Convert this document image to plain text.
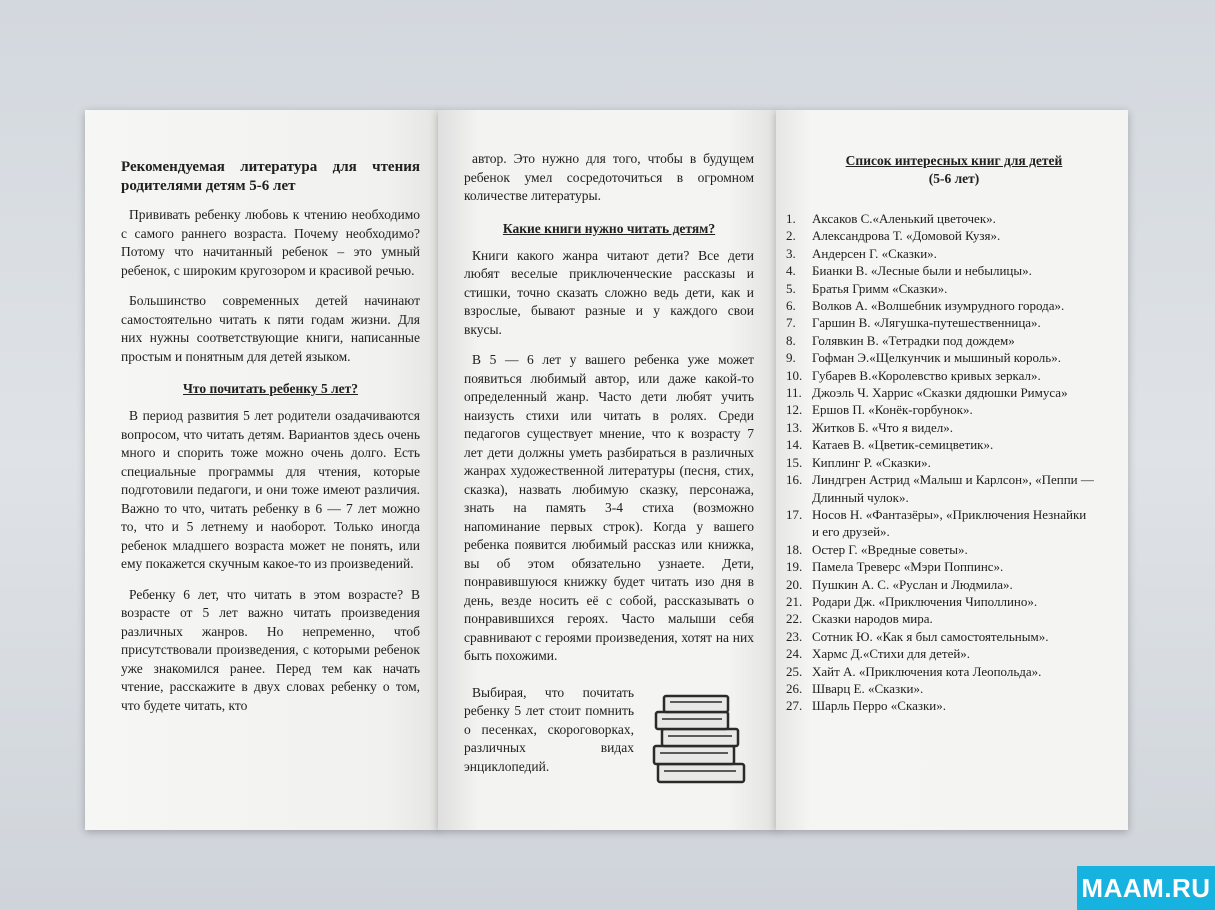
Рекомендуемая литература для чтения родителями детям 5-6 лет

Прививать ребенку любовь к чтению необходимо с самого раннего возраста. Почему необходимо? Потому что начитанный ребенок – это умный ребенок, с широким кругозором и красивой речью.

Большинство современных детей начинают самостоятельно читать к пяти годам жизни. Для них нужны соответствующие книги, написанные простым и понятным для детей языком.

Что почитать ребенку 5 лет?

В период развития 5 лет родители озадачиваются вопросом, что читать детям. Вариантов здесь очень много и спорить тоже можно очень долго. Есть специальные программы для чтения, которые подготовили педагоги, и они тоже имеют различия. Важно то что, читать ребенку в 6 — 7 лет можно то, что и 5 летнему и наоборот. Только иногда ребенок младшего возраста может не понять, или ему покажется скучным какое-то из произведений.

Ребенку 6 лет, что читать в этом возрасте? В возрасте от 5 лет важно читать произведения различных жанров. Но непременно, чтоб присутствовали произведения, с которыми ребенок уже знакомился ранее. Перед тем как начать чтение, расскажите в двух словах ребенку о том, что будете читать, кто

автор. Это нужно для того, чтобы в будущем ребенок умел сосредоточиться в огромном количестве литературы.

Какие книги нужно читать детям?

Книги какого жанра читают дети? Все дети любят веселые приключенческие рассказы и стишки, точно сказать сложно ведь дети, как и взрослые, бывают разные и у каждого свои вкусы.

В 5 — 6 лет у вашего ребенка уже может появиться любимый автор, или даже какой-то определенный жанр. Часто дети любят учить наизусть стихи или читать в ролях. Среди педагогов существует мнение, что к возрасту 7 лет дети должны уметь разбираться в различных жанрах художественной литературы (песня, стих, сказка), назвать любимую сказку, персонажа, знать на память 3-4 стиха (возможно напоминание первых строк). Когда у вашего ребенка появится любимый рассказ или книжка, вы об этом обязательно узнаете. Дети, понравившуюся книжку будет читать изо дня в день, везде носить её с собой, рассказывать о понравившихся героях. Часто малыши себя сравнивают с героями произведения, хотят на них быть похожими.

Выбирая, что почитать ребенку 5 лет стоит помнить о песенках, скороговорках, различных видах энциклопедий.

Список интересных книг для детей
(5-6 лет)
1.	Аксаков С.«Аленький цветочек».
2.	Александрова Т. «Домовой Кузя».
3.	Андерсен Г. «Сказки».
4.	Бианки В. «Лесные были и небылицы».
5.	Братья Гримм «Сказки».
6.	Волков А. «Волшебник изумрудного города».
7.	Гаршин В. «Лягушка-путешественница».
8.	Голявкин В. «Тетрадки под дождем»
9.	Гофман Э.«Щелкунчик и мышиный король».
10. Губарев В.«Королевство кривых зеркал».
11. Джоэль Ч. Харрис «Сказки дядюшки Римуса»
12. Ершов П. «Конёк-горбунок».
13. Житков Б. «Что я видел».
14. Катаев В. «Цветик-семицветик».
15. Киплинг Р. «Сказки».
16. Линдгрен Астрид «Малыш и Карлсон», «Пеппи — Длинный чулок».
17. Носов Н. «Фантазёры», «Приключения Незнайки и его друзей».
18. Остер Г. «Вредные советы».
19. Памела Треверс «Мэри Поппинс».
20. Пушкин А. С. «Руслан и Людмила».
21. Родари Дж. «Приключения Чиполлино».
22. Сказки народов мира.
23. Сотник Ю. «Как я был самостоятельным».
24. Хармс Д.«Стихи для детей».
25. Хайт А. «Приключения кота Леопольда».
26. Шварц Е. «Сказки».
27. Шарль Перро «Сказки».
MAAM.RU
